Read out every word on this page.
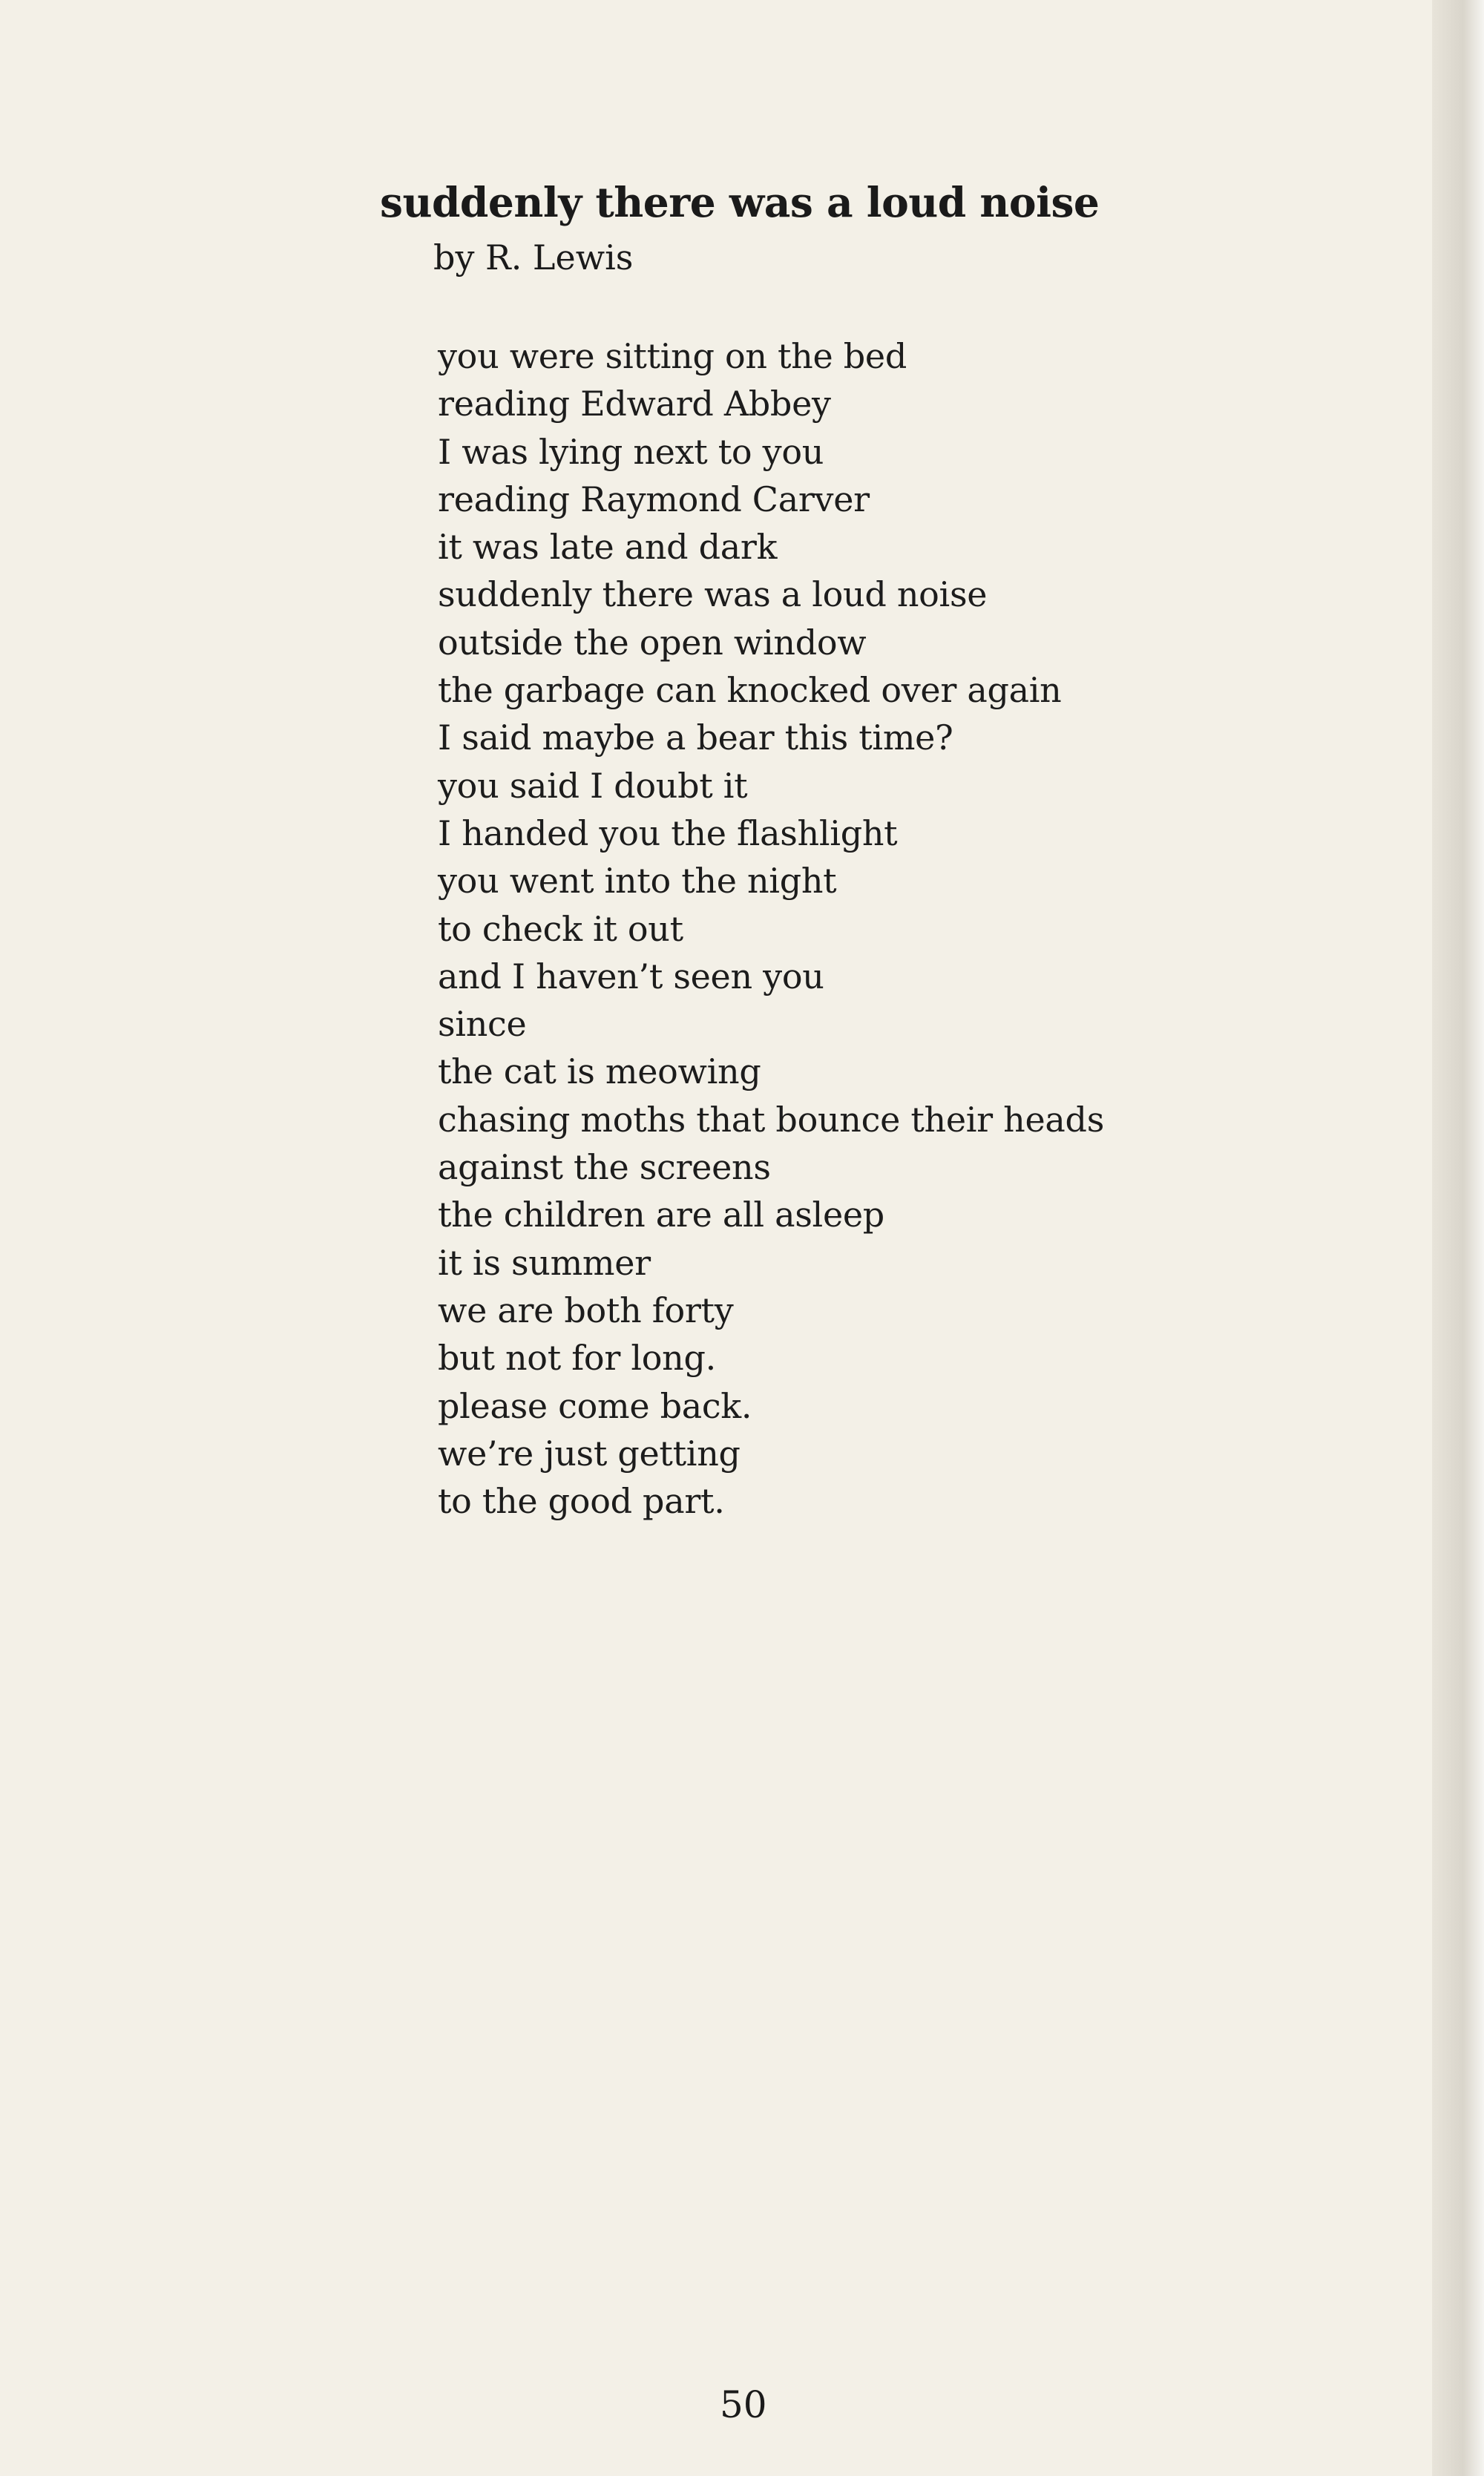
suddenly there was a loud noise

by R. Lewis

you were sitting on the bed
reading Edward Abbey
I was lying next to you
reading Raymond Carver
it was late and dark
suddenly there was a loud noise
outside the open window
the garbage can knocked over again
I said maybe a bear this time?
you said I doubt it
I handed you the flashlight
you went into the night
to check it out
and I haven’t seen you
since
the cat is meowing
chasing moths that bounce their heads
against the screens
the children are all asleep
it is summer
we are both forty
but not for long.
please come back.
we’re just getting
to the good part.

50
